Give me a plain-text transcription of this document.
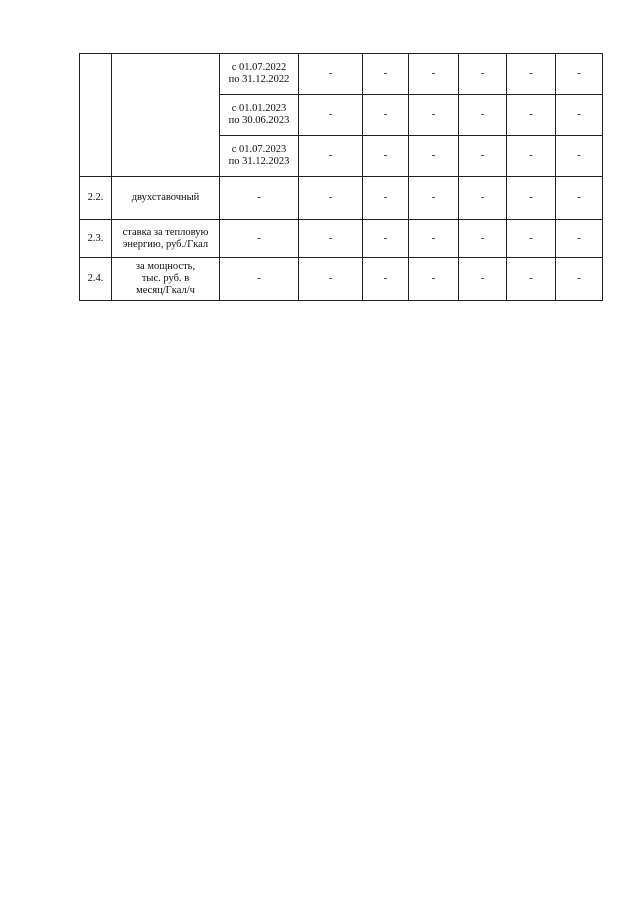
		с 01.07.2022
по 31.12.2022	-	-	-	-	-	-

		с 01.01.2023
по 30.06.2023	-	-	-	-	-	-

		с 01.07.2023
по 31.12.2023	-	-	-	-	-	-
2.2.	двухставочный	-	-	-	-	-	-	-
2.3.	ставка за тепловую
энергию, руб./Гкал	-	-	-	-	-	-	-
2.4.	за мощность,
тыс. руб. в
месяц/Гкал/ч	-	-	-	-	-	-	-
